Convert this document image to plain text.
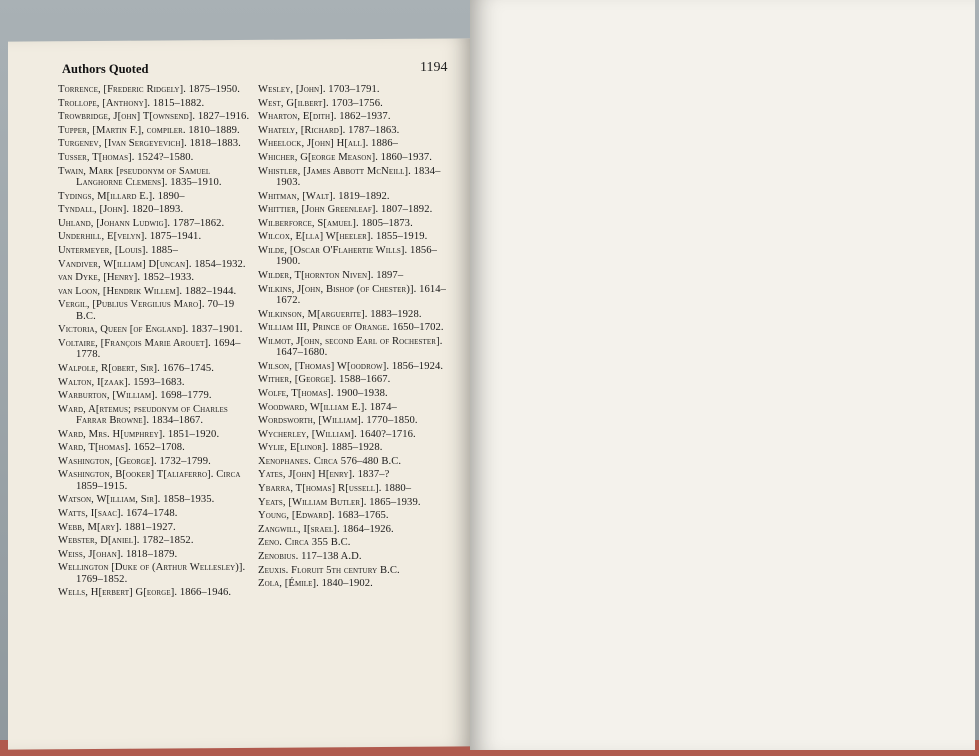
Authors Quoted	1194
Torrence, [Frederic Ridgely]. 1875–1950.
Trollope, [Anthony]. 1815–1882.
Trowbridge, J[ohn] T[ownsend]. 1827–1916.
Tupper, [Martin F.], compiler. 1810–1889.
Turgenev, [Ivan Sergeyevich]. 1818–1883.
Tusser, T[homas]. 1524?–1580.
Twain, Mark [pseudonym of Samuel Langhorne Clemens]. 1835–1910.
Tydings, M[illard E.]. 1890–
Tyndall, [John]. 1820–1893.
Uhland, [Johann Ludwig]. 1787–1862.
Underhill, E[velyn]. 1875–1941.
Untermeyer, [Louis]. 1885–
Vandiver, W[illiam] D[uncan]. 1854–1932.
van Dyke, [Henry]. 1852–1933.
van Loon, [Hendrik Willem]. 1882–1944.
Vergil, [Publius Vergilius Maro]. 70–19 B.C.
Victoria, Queen [of England]. 1837–1901.
Voltaire, [François Marie Arouet]. 1694–1778.
Walpole, R[obert, Sir]. 1676–1745.
Walton, I[zaak]. 1593–1683.
Warburton, [William]. 1698–1779.
Ward, A[rtemus; pseudonym of Charles Farrar Browne]. 1834–1867.
Ward, Mrs. H[umphrey]. 1851–1920.
Ward, T[homas]. 1652–1708.
Washington, [George]. 1732–1799.
Washington, B[ooker] T[aliaferro]. Circa 1859–1915.
Watson, W[illiam, Sir]. 1858–1935.
Watts, I[saac]. 1674–1748.
Webb, M[ary]. 1881–1927.
Webster, D[aniel]. 1782–1852.
Weiss, J[ohan]. 1818–1879.
Wellington [Duke of (Arthur Wellesley)]. 1769–1852.
Wells, H[erbert] G[eorge]. 1866–1946.
Wesley, [John]. 1703–1791.
West, G[ilbert]. 1703–1756.
Wharton, E[dith]. 1862–1937.
Whately, [Richard]. 1787–1863.
Wheelock, J[ohn] H[all]. 1886–
Whicher, G[eorge Meason]. 1860–1937.
Whistler, [James Abbott McNeill]. 1834–1903.
Whitman, [Walt]. 1819–1892.
Whittier, [John Greenleaf]. 1807–1892.
Wilberforce, S[amuel]. 1805–1873.
Wilcox, E[lla] W[heeler]. 1855–1919.
Wilde, [Oscar O'Flahertie Wills]. 1856–1900.
Wilder, T[hornton Niven]. 1897–
Wilkins, J[ohn, Bishop (of Chester)]. 1614–1672.
Wilkinson, M[arguerite]. 1883–1928.
William III, Prince of Orange. 1650–1702.
Wilmot, J[ohn, second Earl of Rochester]. 1647–1680.
Wilson, [Thomas] W[oodrow]. 1856–1924.
Wither, [George]. 1588–1667.
Wolfe, T[homas]. 1900–1938.
Woodward, W[illiam E.]. 1874–
Wordsworth, [William]. 1770–1850.
Wycherley, [William]. 1640?–1716.
Wylie, E[linor]. 1885–1928.
Xenophanes. Circa 576–480 B.C.
Yates, J[ohn] H[enry]. 1837–?
Ybarra, T[homas] R[ussell]. 1880–
Yeats, [William Butler]. 1865–1939.
Young, [Edward]. 1683–1765.
Zangwill, I[srael]. 1864–1926.
Zeno. Circa 355 B.C.
Zenobius. 117–138 A.D.
Zeuxis. Floruit 5th century B.C.
Zola, [Émile]. 1840–1902.
